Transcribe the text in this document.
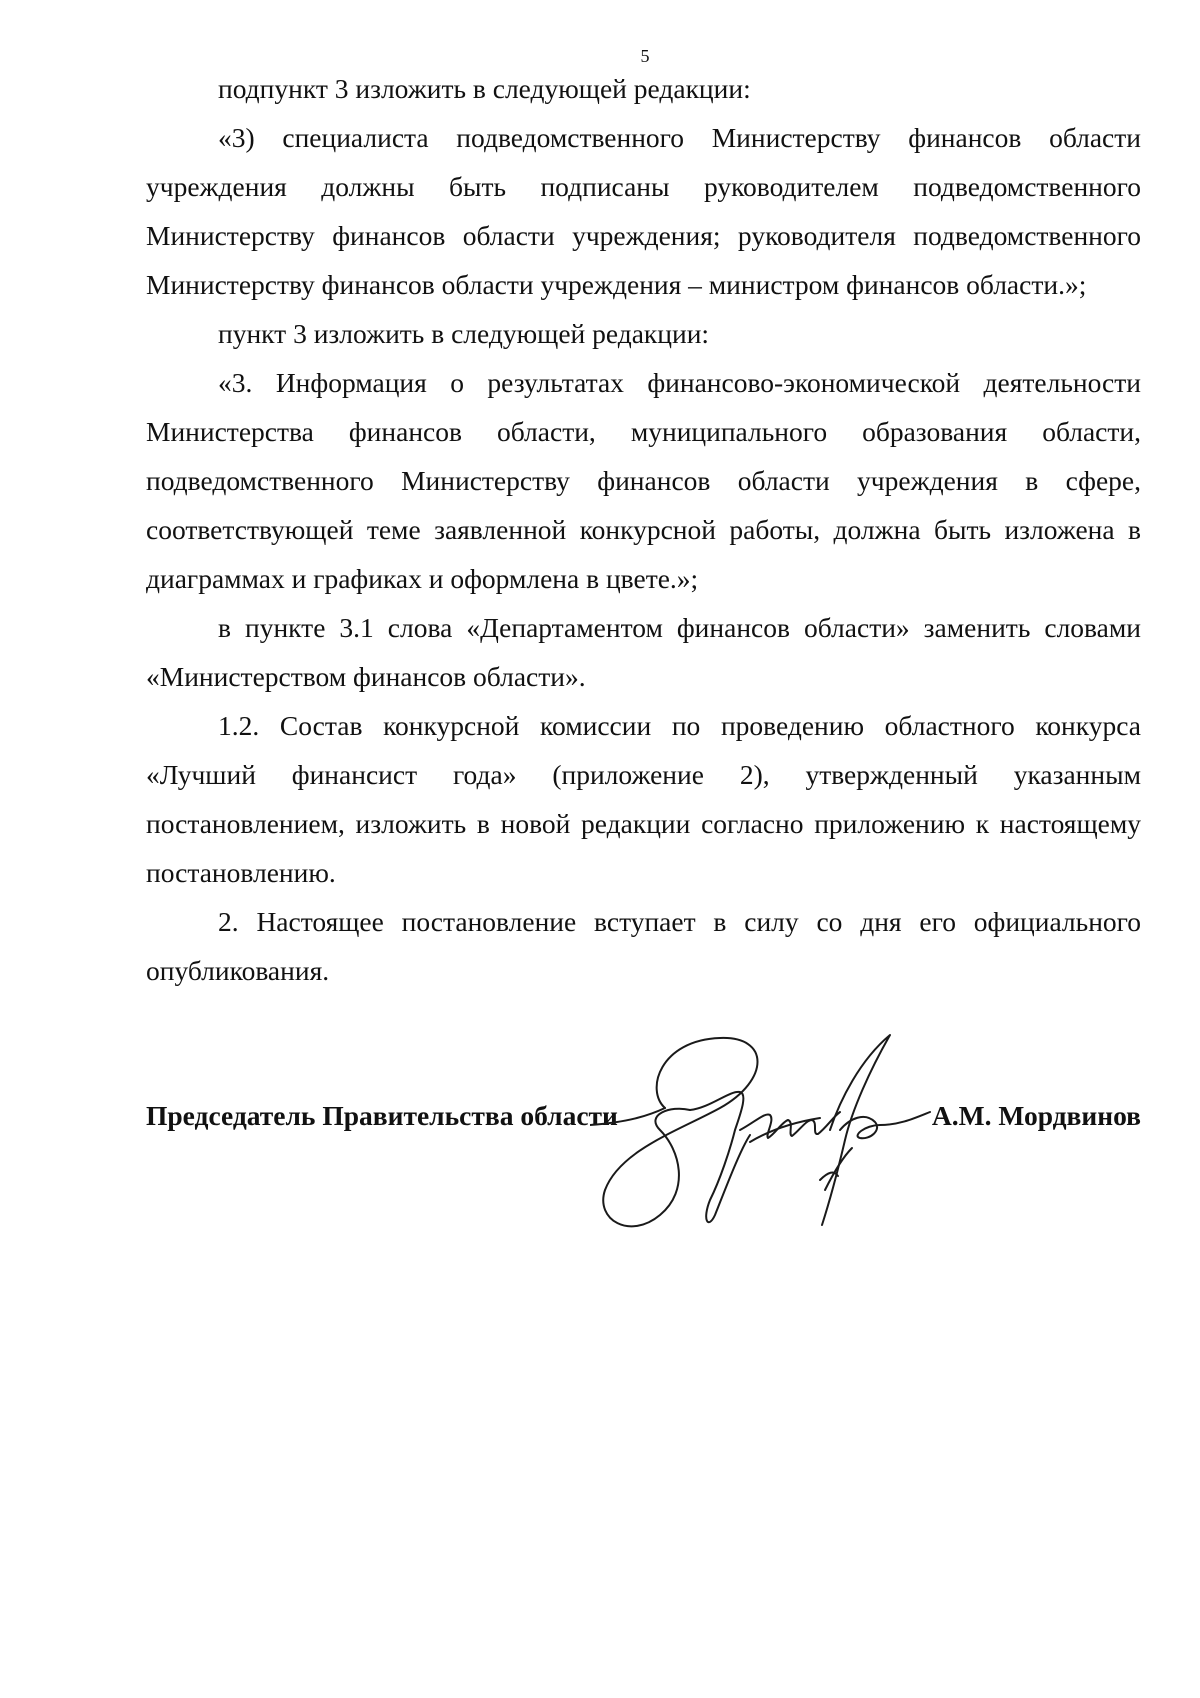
5

подпункт 3 изложить в следующей редакции:

«3) специалиста подведомственного Министерству финансов области учреждения должны быть подписаны руководителем подведомственного Министерству финансов области учреждения; руководителя подведомственного Министерству финансов области учреждения – министром финансов области.»;

пункт 3 изложить в следующей редакции:

«3. Информация о результатах финансово-экономической деятельности Министерства финансов области, муниципального образования области, подведомственного Министерству финансов области учреждения в сфере, соответствующей теме заявленной конкурсной работы, должна быть изложена в диаграммах и графиках и оформлена в цвете.»;

в пункте 3.1 слова «Департаментом финансов области» заменить словами «Министерством финансов области».

1.2. Состав конкурсной комиссии по проведению областного конкурса «Лучший финансист года» (приложение 2), утвержденный указанным постановлением, изложить в новой редакции согласно приложению к настоящему постановлению.

2. Настоящее постановление вступает в силу со дня его официального опубликования.

Председатель Правительства области	А.М. Мордвинов
